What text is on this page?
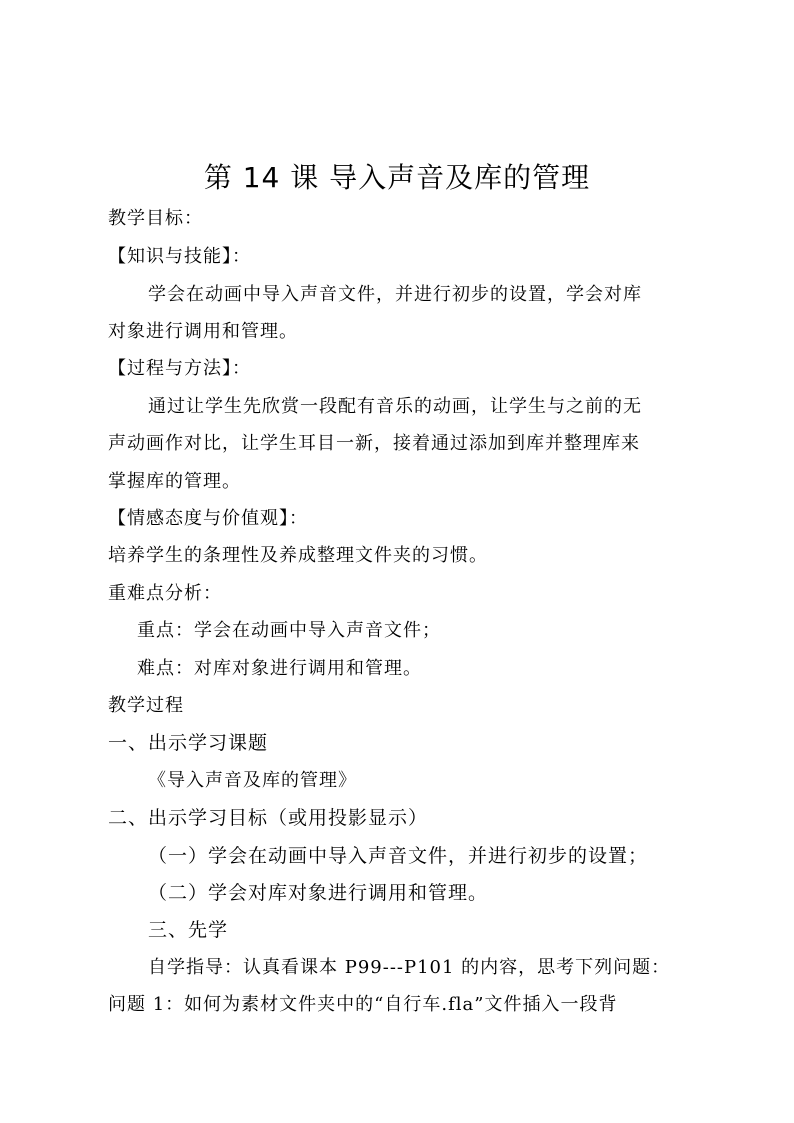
第 14 课 导入声音及库的管理
教学目标：
【知识与技能】：
学会在动画中导入声音文件，并进行初步的设置，学会对库
对象进行调用和管理。
【过程与方法】：
通过让学生先欣赏一段配有音乐的动画，让学生与之前的无
声动画作对比，让学生耳目一新，接着通过添加到库并整理库来
掌握库的管理。
【情感态度与价值观】：
培养学生的条理性及养成整理文件夹的习惯。
重难点分析：
重点：学会在动画中导入声音文件；
难点：对库对象进行调用和管理。
教学过程
一、出示学习课题
《导入声音及库的管理》
二、出示学习目标（或用投影显示）
（一）学会在动画中导入声音文件，并进行初步的设置；
（二）学会对库对象进行调用和管理。
三、先学
自学指导：认真看课本 P99---P101 的内容，思考下列问题：
问题 1：如何为素材文件夹中的“自行车.fla”文件插入一段背
